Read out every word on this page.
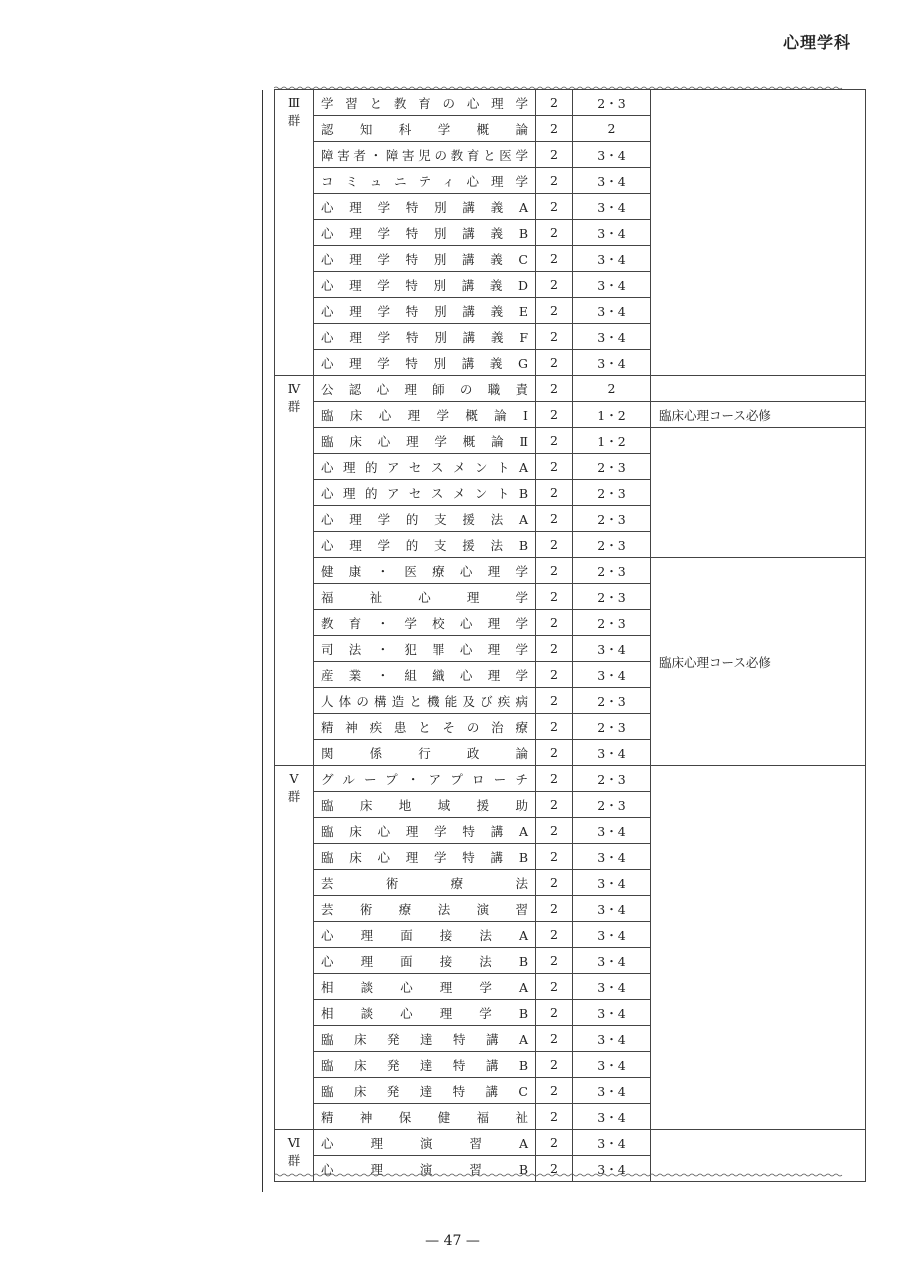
心理学科
Ⅲ
群	学習と教育の心理学	2	2・3	

	認知科学概論	2	2	

	障害者・障害児の教育と医学	2	3・4	

	コミュニティ心理学	2	3・4	

	心理学特別講義A	2	3・4	

	心理学特別講義B	2	3・4	

	心理学特別講義C	2	3・4	

	心理学特別講義D	2	3・4	

	心理学特別講義E	2	3・4	

	心理学特別講義F	2	3・4	

	心理学特別講義G	2	3・4	

Ⅳ
群	公認心理師の職責	2	2	

	臨床心理学概論Ⅰ	2	1・2	臨床心理コース必修

	臨床心理学概論Ⅱ	2	1・2	

	心理的アセスメントA	2	2・3	

	心理的アセスメントB	2	2・3	

	心理学的支援法A	2	2・3	

	心理学的支援法B	2	2・3	

	健康・医療心理学	2	2・3	臨床心理コース必修

	福祉心理学	2	2・3	

	教育・学校心理学	2	2・3	

	司法・犯罪心理学	2	3・4	

	産業・組織心理学	2	3・4	

	人体の構造と機能及び疾病	2	2・3	

	精神疾患とその治療	2	2・3	

	関係行政論	2	3・4	

Ⅴ
群	グループ・アプローチ	2	2・3	

	臨床地域援助	2	2・3	

	臨床心理学特講A	2	3・4	

	臨床心理学特講B	2	3・4	

	芸術療法	2	3・4	

	芸術療法演習	2	3・4	

	心理面接法A	2	3・4	

	心理面接法B	2	3・4	

	相談心理学A	2	3・4	

	相談心理学B	2	3・4	

	臨床発達特講A	2	3・4	

	臨床発達特講B	2	3・4	

	臨床発達特講C	2	3・4	

	精神保健福祉	2	3・4	

Ⅵ
群	心理演習A	2	3・4	

	心理演習B	2	3・4	
— 47 —
